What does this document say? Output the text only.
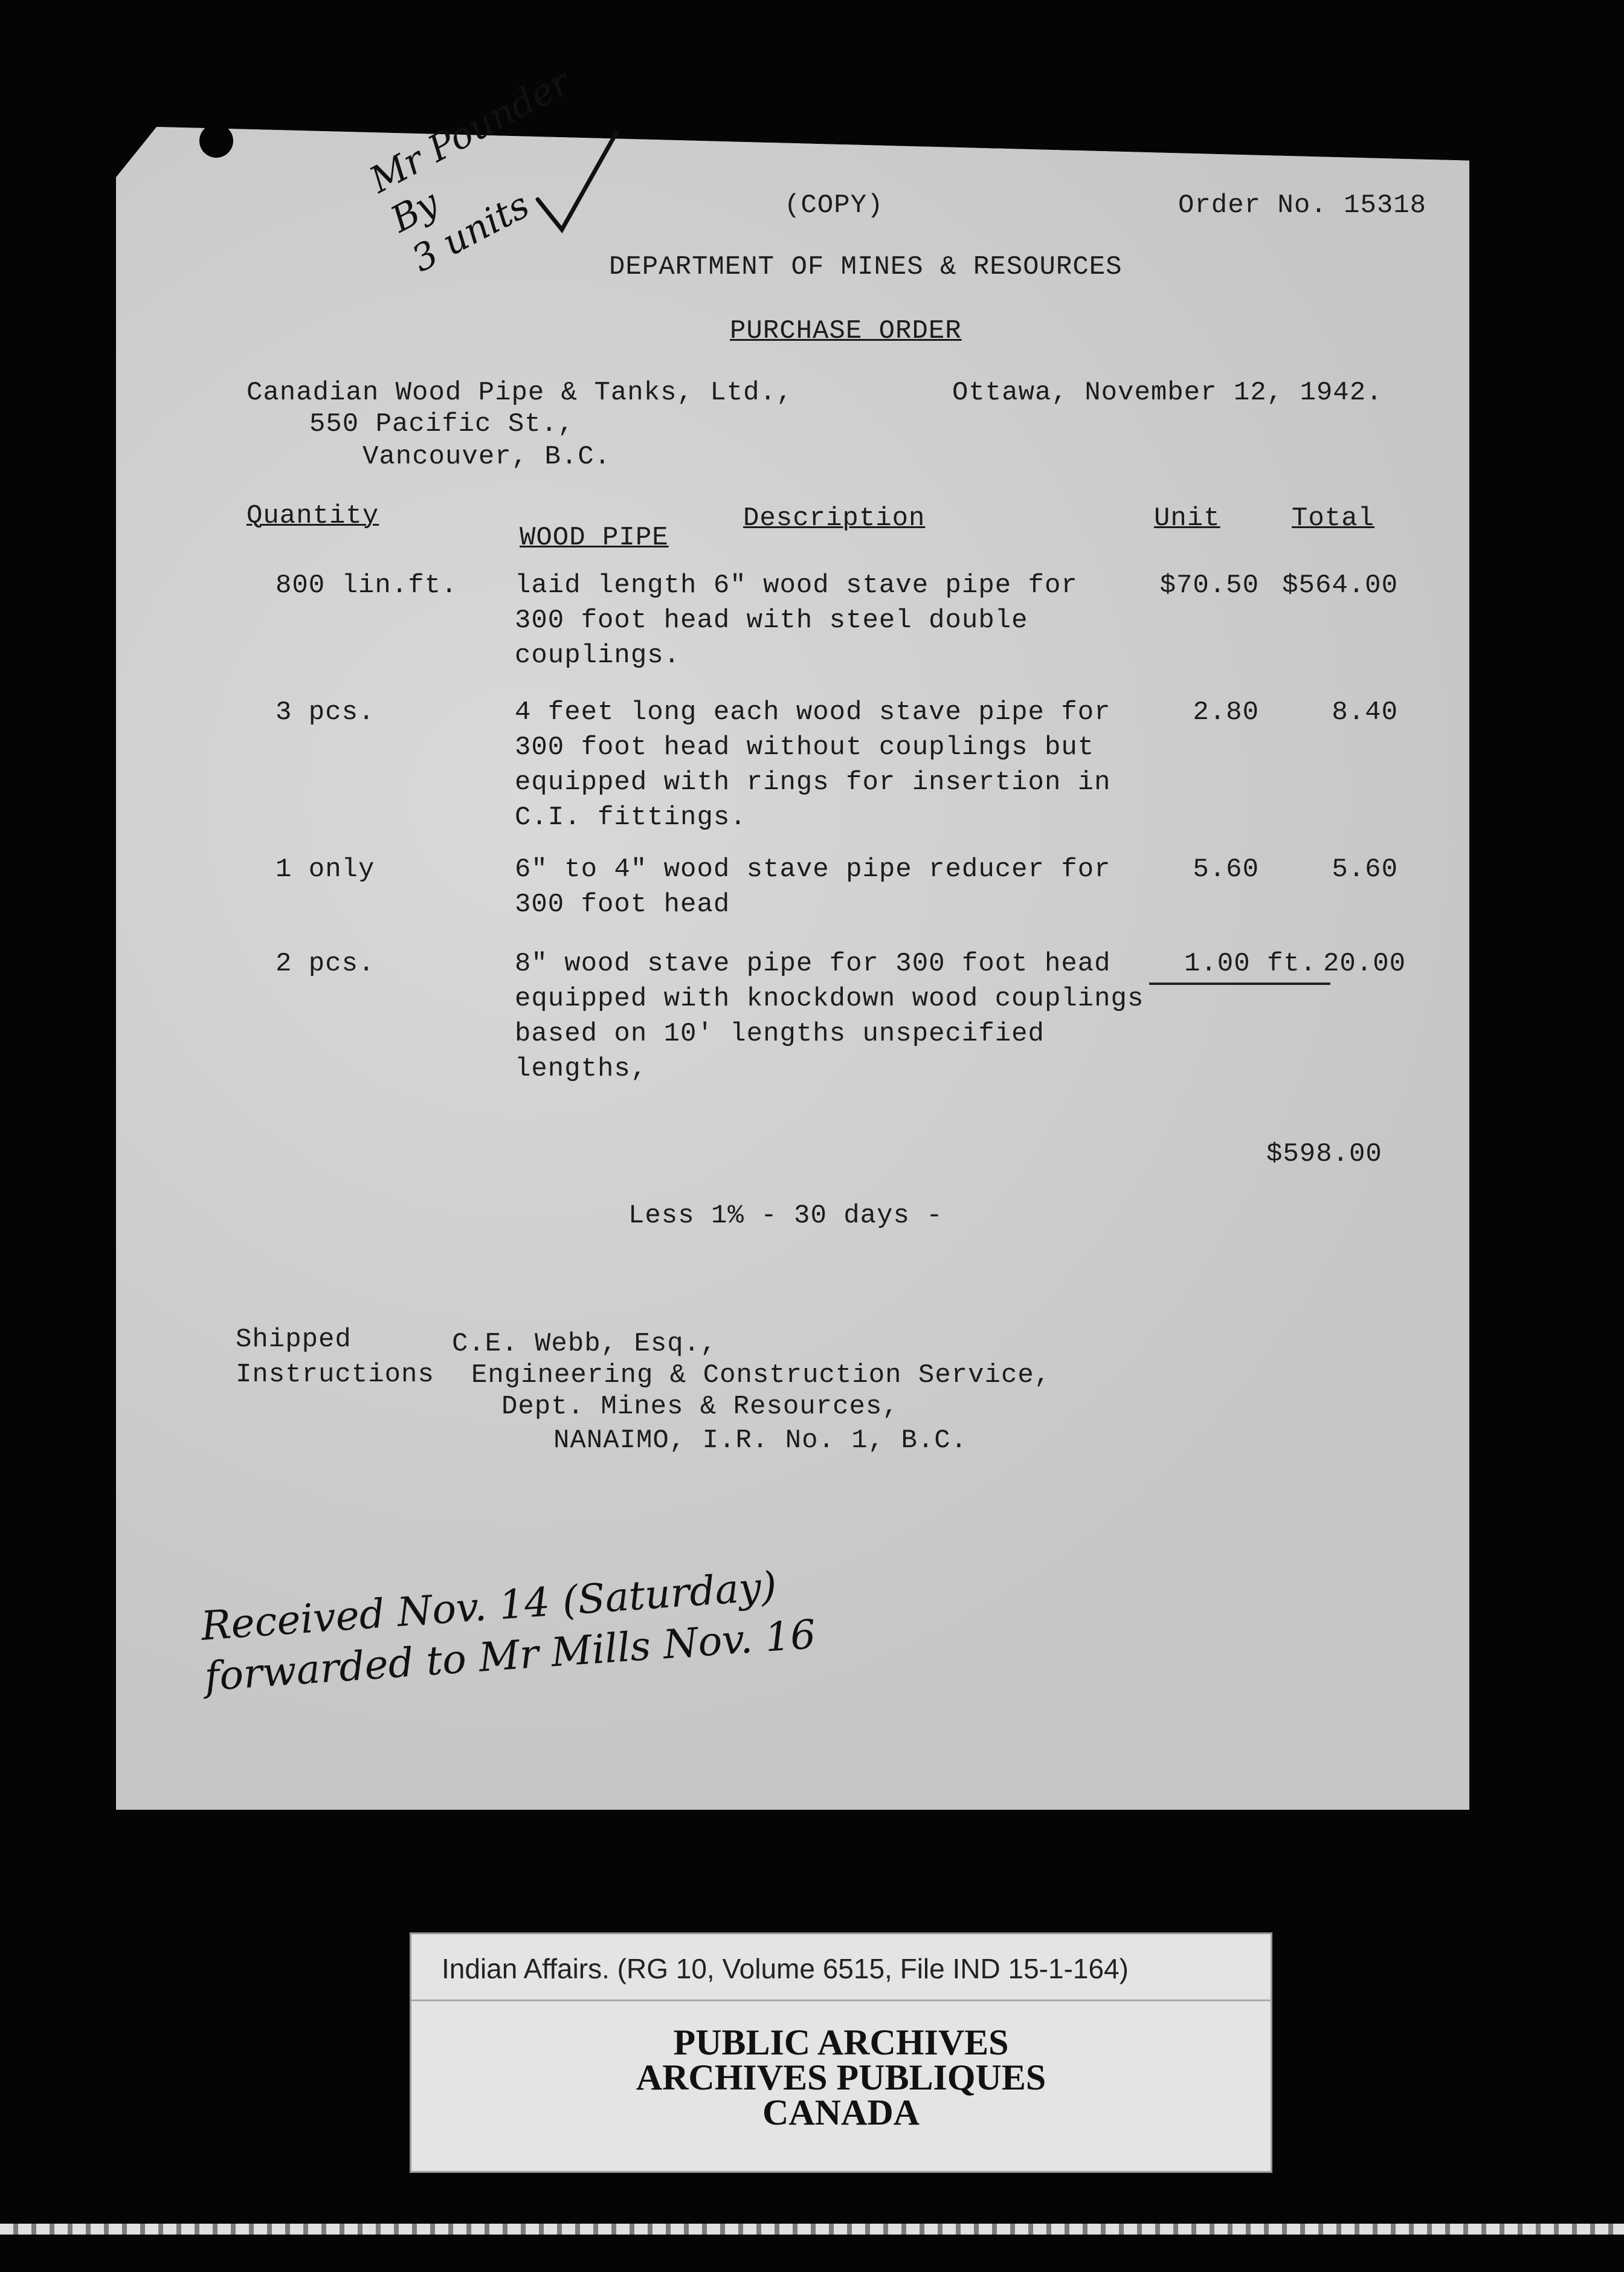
Mr Pounder
By
3 units	(COPY)	Order No. 15318
DEPARTMENT OF MINES & RESOURCES
PURCHASE ORDER
Canadian Wood Pipe & Tanks, Ltd.,
550 Pacific St.,
Vancouver, B.C.
Ottawa, November 12, 1942.
Quantity
WOOD PIPE
Description	Unit	Total
800 lin.ft. laid length 6" wood stave pipe for
300 foot head with steel double
couplings.
$70.50 $564.00
3 pcs.	4 feet long each wood stave pipe for
300 foot head without couplings but
equipped with rings for insertion in
C.I. fittings.
2.80	8.40
1 only	6" to 4" wood stave pipe reducer for
300 foot head
5.60	5.60
2 pcs.	8" wood stave pipe for 300 foot head
equipped with knockdown wood couplings
based on 10' lengths unspecified
lengths,
1.00 ft. 20.00
$598.00
Less 1% - 30 days -
Shipped
Instructions
C.E. Webb, Esq.,
Engineering & Construction Service,
Dept. Mines & Resources,
NANAIMO, I.R. No. 1, B.C.
Received Nov. 14 (Saturday)
forwarded to Mr Mills Nov. 16
Indian Affairs. (RG 10, Volume 6515, File IND 15-1-164)
PUBLIC ARCHIVES
ARCHIVES PUBLIQUES
CANADA
